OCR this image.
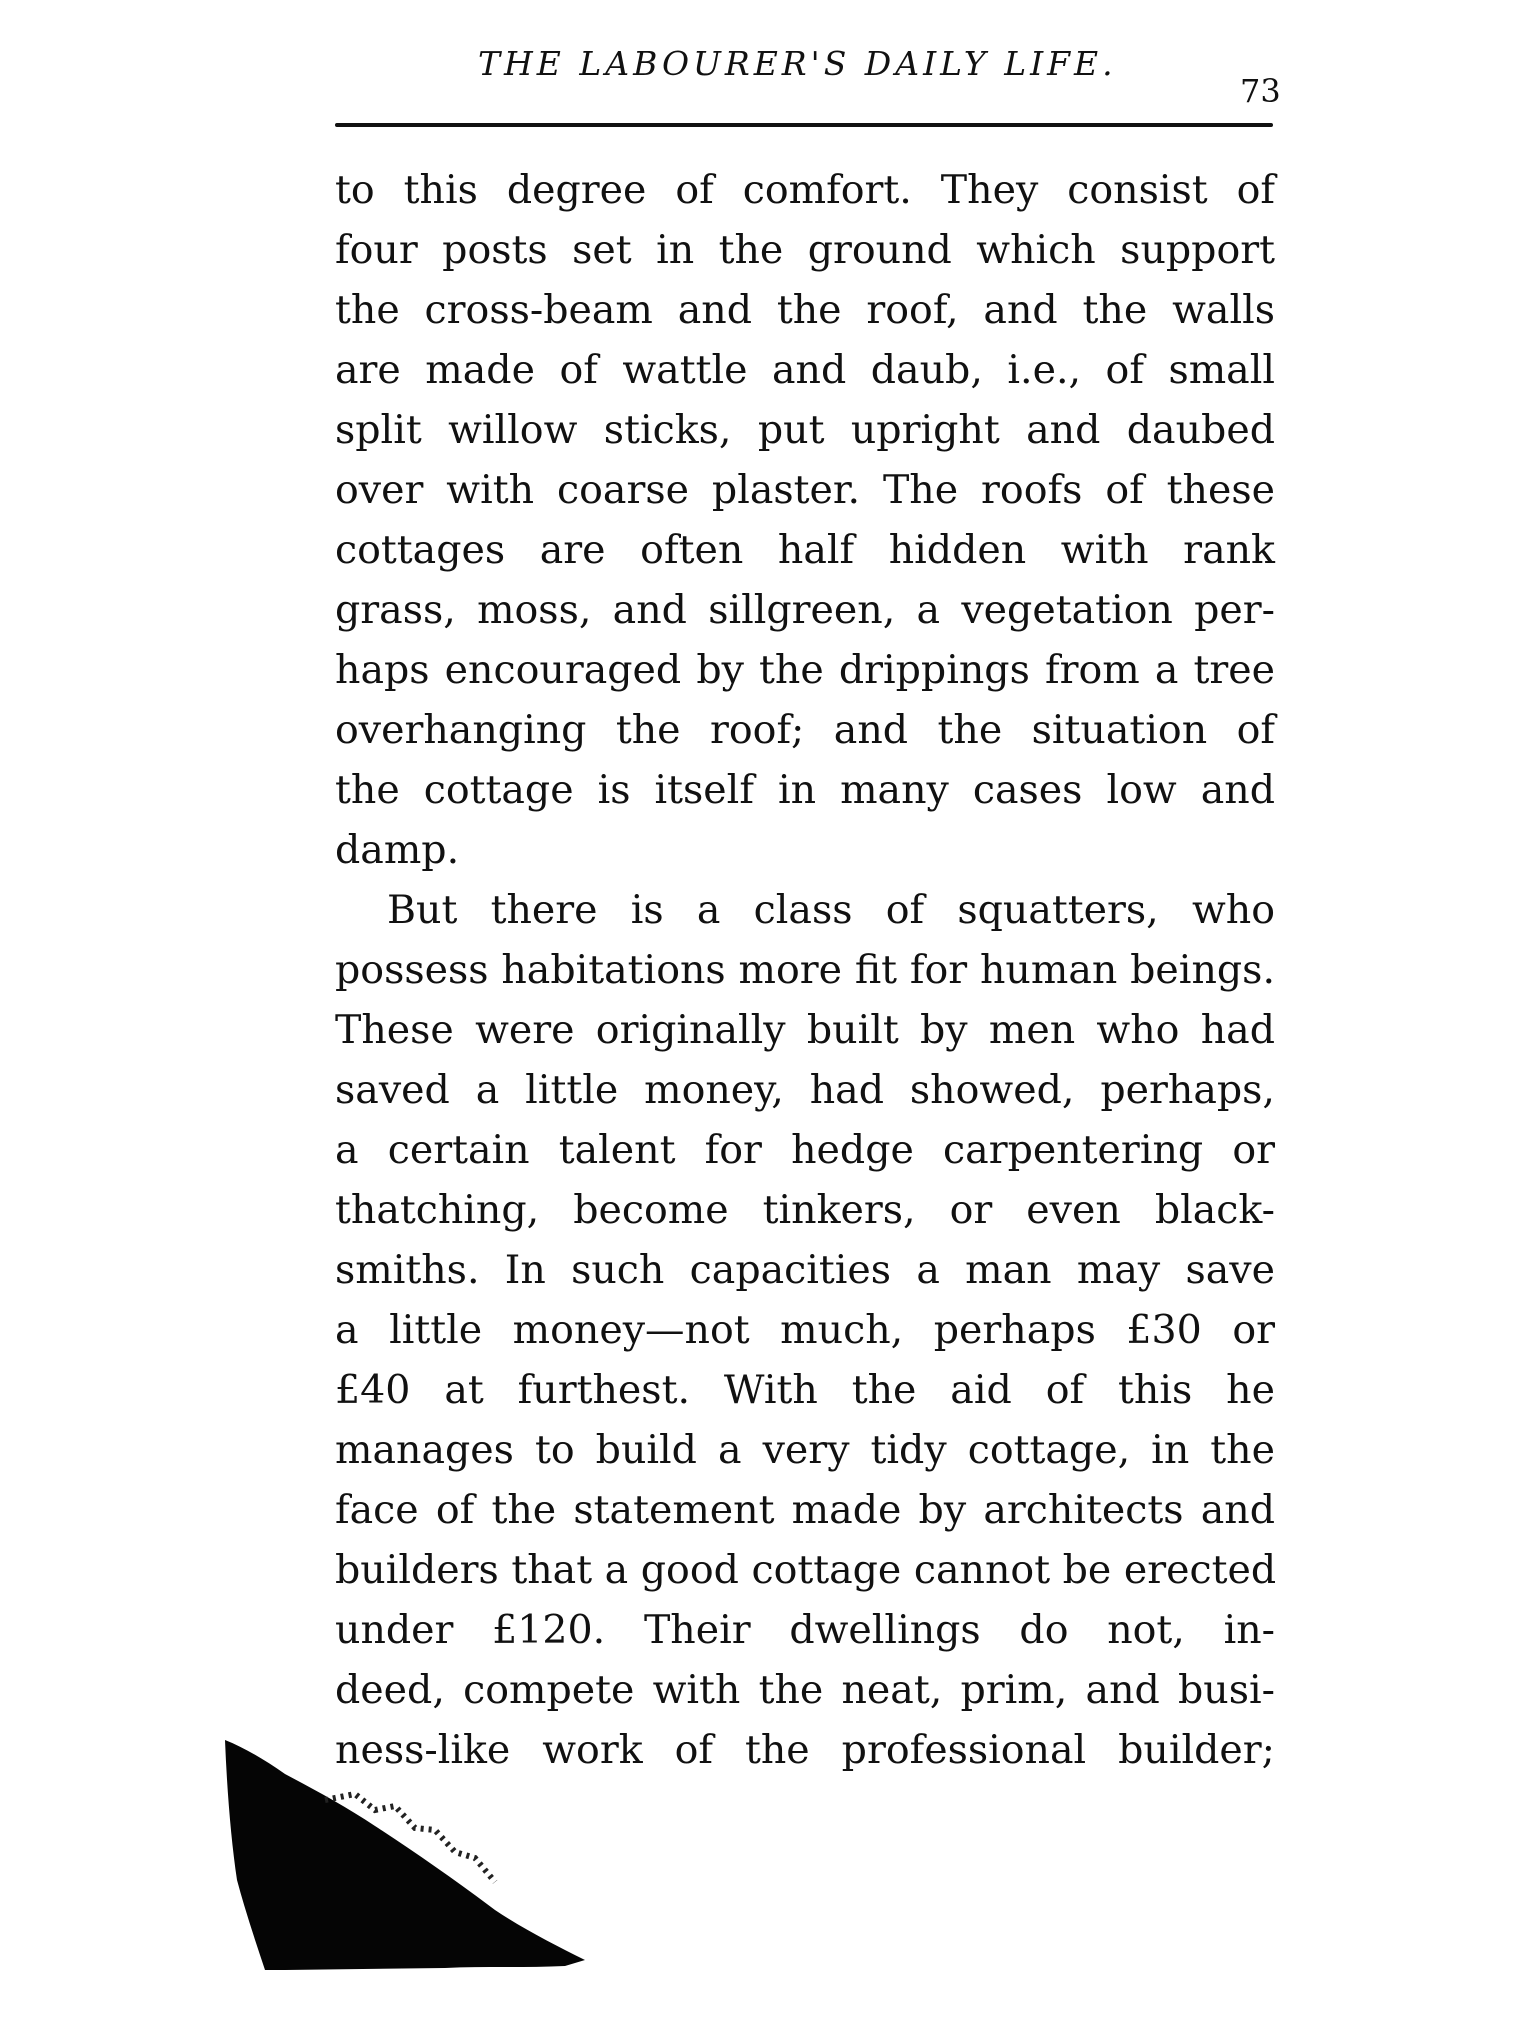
THE LABOURER'S DAILY LIFE.
73
to this degree of comfort. They consist of
four posts set in the ground which support
the cross-beam and the roof, and the walls
are made of wattle and daub, i.e., of small
split willow sticks, put upright and daubed
over with coarse plaster. The roofs of these
cottages are often half hidden with rank
grass, moss, and sillgreen, a vegetation per-
haps encouraged by the drippings from a tree
overhanging the roof; and the situation of
the cottage is itself in many cases low and
damp.
But there is a class of squatters, who
possess habitations more fit for human beings.
These were originally built by men who had
saved a little money, had showed, perhaps,
a certain talent for hedge carpentering or
thatching, become tinkers, or even black-
smiths. In such capacities a man may save
a little money—not much, perhaps £30 or
£40 at furthest. With the aid of this he
manages to build a very tidy cottage, in the
face of the statement made by architects and
builders that a good cottage cannot be erected
under £120. Their dwellings do not, in-
deed, compete with the neat, prim, and busi-
ness-like work of the professional builder;
